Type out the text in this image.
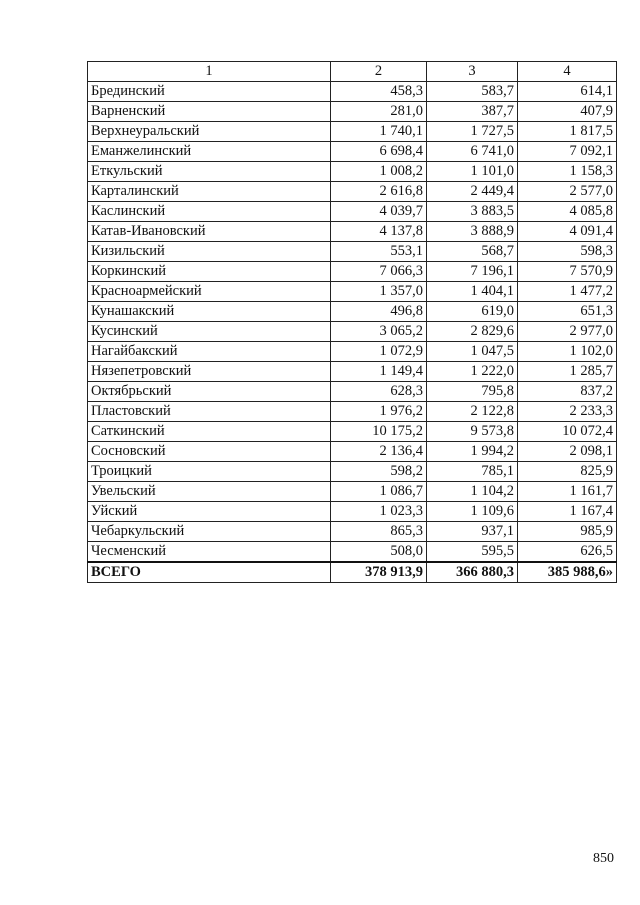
1	2	3	4
Брединский	458,3	583,7	614,1
Варненский	281,0	387,7	407,9
Верхнеуральский	1 740,1	1 727,5	1 817,5
Еманжелинский	6 698,4	6 741,0	7 092,1
Еткульский	1 008,2	1 101,0	1 158,3
Карталинский	2 616,8	2 449,4	2 577,0
Каслинский	4 039,7	3 883,5	4 085,8
Катав-Ивановский	4 137,8	3 888,9	4 091,4
Кизильский	553,1	568,7	598,3
Коркинский	7 066,3	7 196,1	7 570,9
Красноармейский	1 357,0	1 404,1	1 477,2
Кунашакский	496,8	619,0	651,3
Кусинский	3 065,2	2 829,6	2 977,0
Нагайбакский	1 072,9	1 047,5	1 102,0
Нязепетровский	1 149,4	1 222,0	1 285,7
Октябрьский	628,3	795,8	837,2
Пластовский	1 976,2	2 122,8	2 233,3
Саткинский	10 175,2	9 573,8	10 072,4
Сосновский	2 136,4	1 994,2	2 098,1
Троицкий	598,2	785,1	825,9
Увельский	1 086,7	1 104,2	1 161,7
Уйский	1 023,3	1 109,6	1 167,4
Чебаркульский	865,3	937,1	985,9
Чесменский	508,0	595,5	626,5
ВСЕГО	378 913,9	366 880,3	385 988,6»
850
